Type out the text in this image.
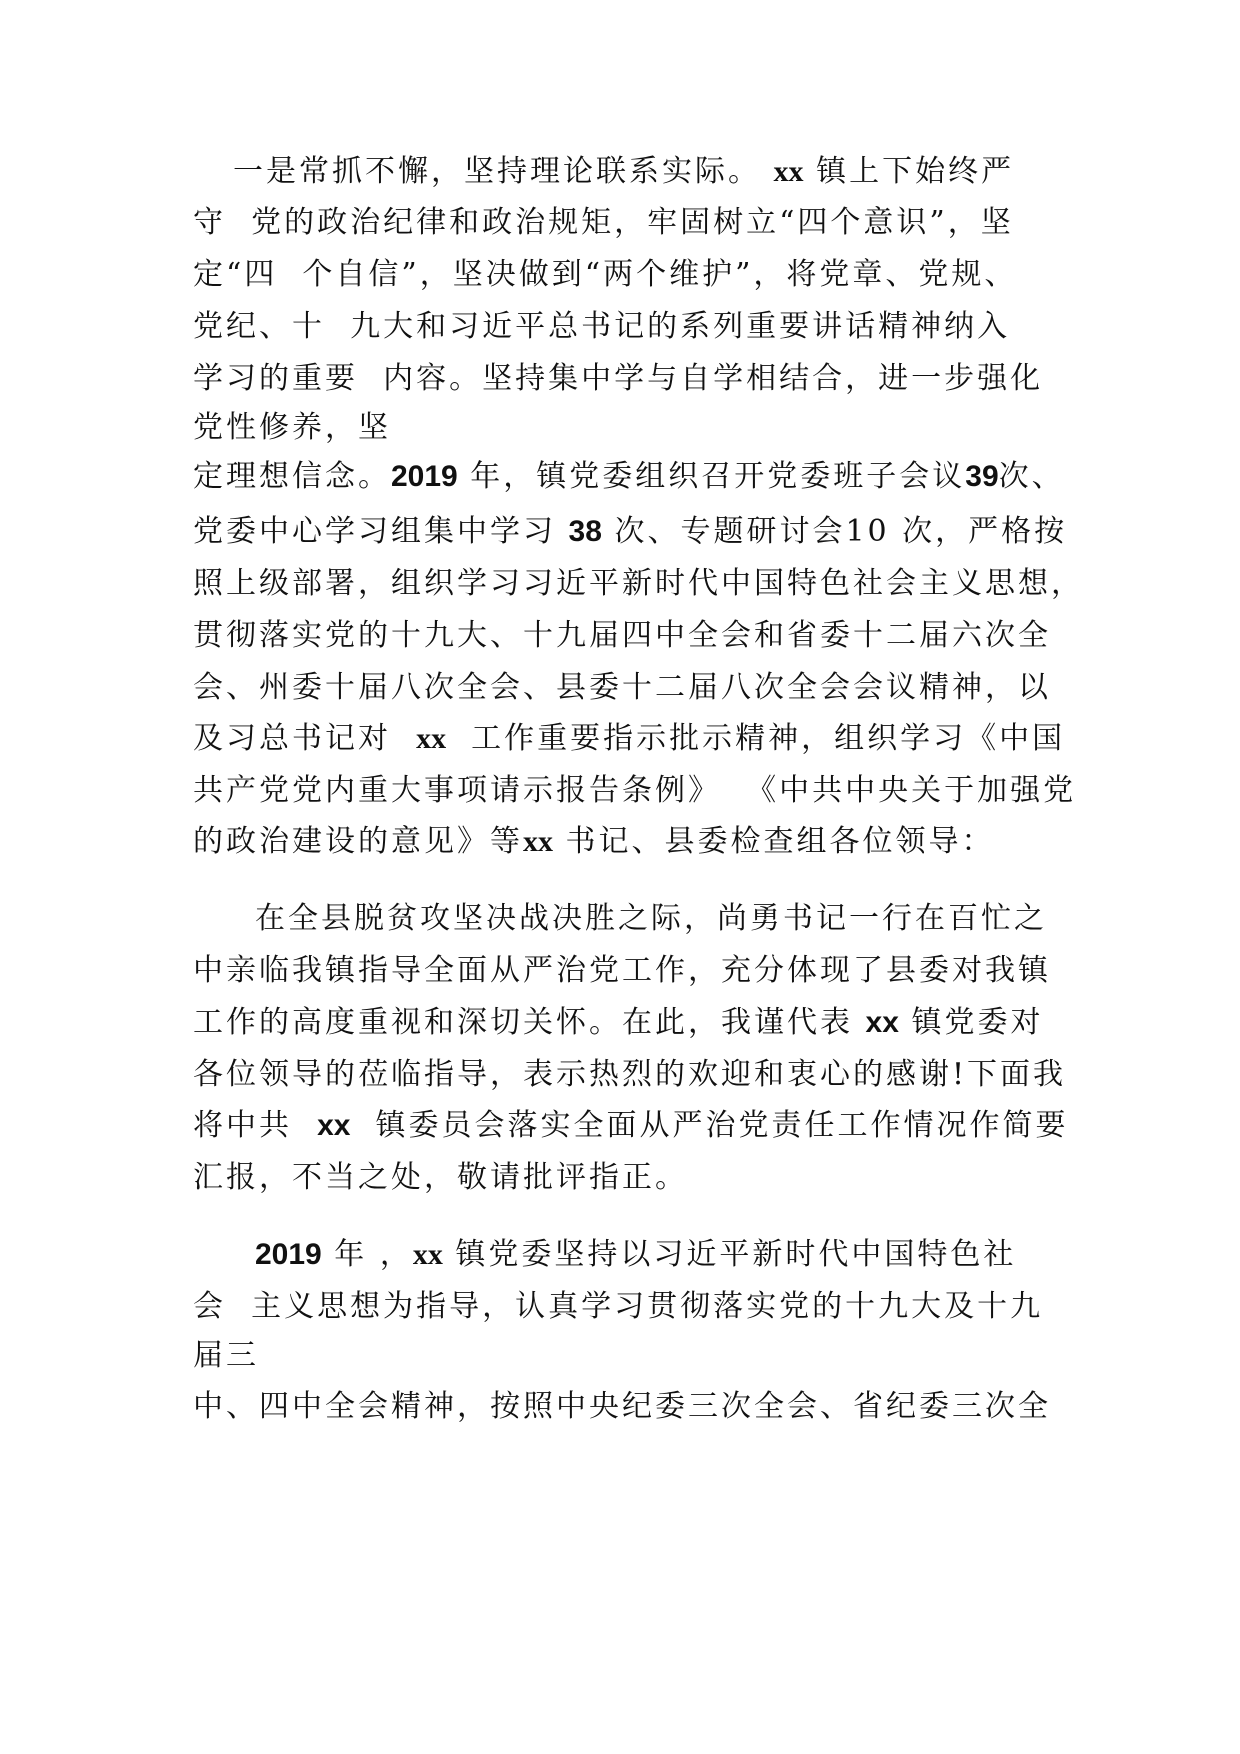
一是常抓不懈，坚持理论联系实际。 xx 镇上下始终严
守  党的政治纪律和政治规矩，牢固树立“四个意识”，坚
定“四  个自信”，坚决做到“两个维护”，将党章、党规、
党纪、十  九大和习近平总书记的系列重要讲话精神纳入
学习的重要  内容。坚持集中学与自学相结合，进一步强化
党性修养，坚
定理想信念。2019 年，镇党委组织召开党委班子会议39次、
党委中心学习组集中学习 38 次、专题研讨会10 次，严格按
照上级部署，组织学习习近平新时代中国特色社会主义思想，
贯彻落实党的十九大、十九届四中全会和省委十二届六次全
会、州委十届八次全会、县委十二届八次全会会议精神，以
及习总书记对  xx  工作重要指示批示精神，组织学习《中国
共产党党内重大事项请示报告条例》  《中共中央关于加强党
的政治建设的意见》等xx 书记、县委检查组各位领导：
在全县脱贫攻坚决战决胜之际，尚勇书记一行在百忙之
中亲临我镇指导全面从严治党工作，充分体现了县委对我镇
工作的高度重视和深切关怀。在此，我谨代表 xx 镇党委对
各位领导的莅临指导，表示热烈的欢迎和衷心的感谢!下面我
将中共  xx  镇委员会落实全面从严治党责任工作情况作简要
汇报，不当之处，敬请批评指正。
2019 年 ，xx 镇党委坚持以习近平新时代中国特色社
会  主义思想为指导，认真学习贯彻落实党的十九大及十九
届三
中、四中全会精神，按照中央纪委三次全会、省纪委三次全
